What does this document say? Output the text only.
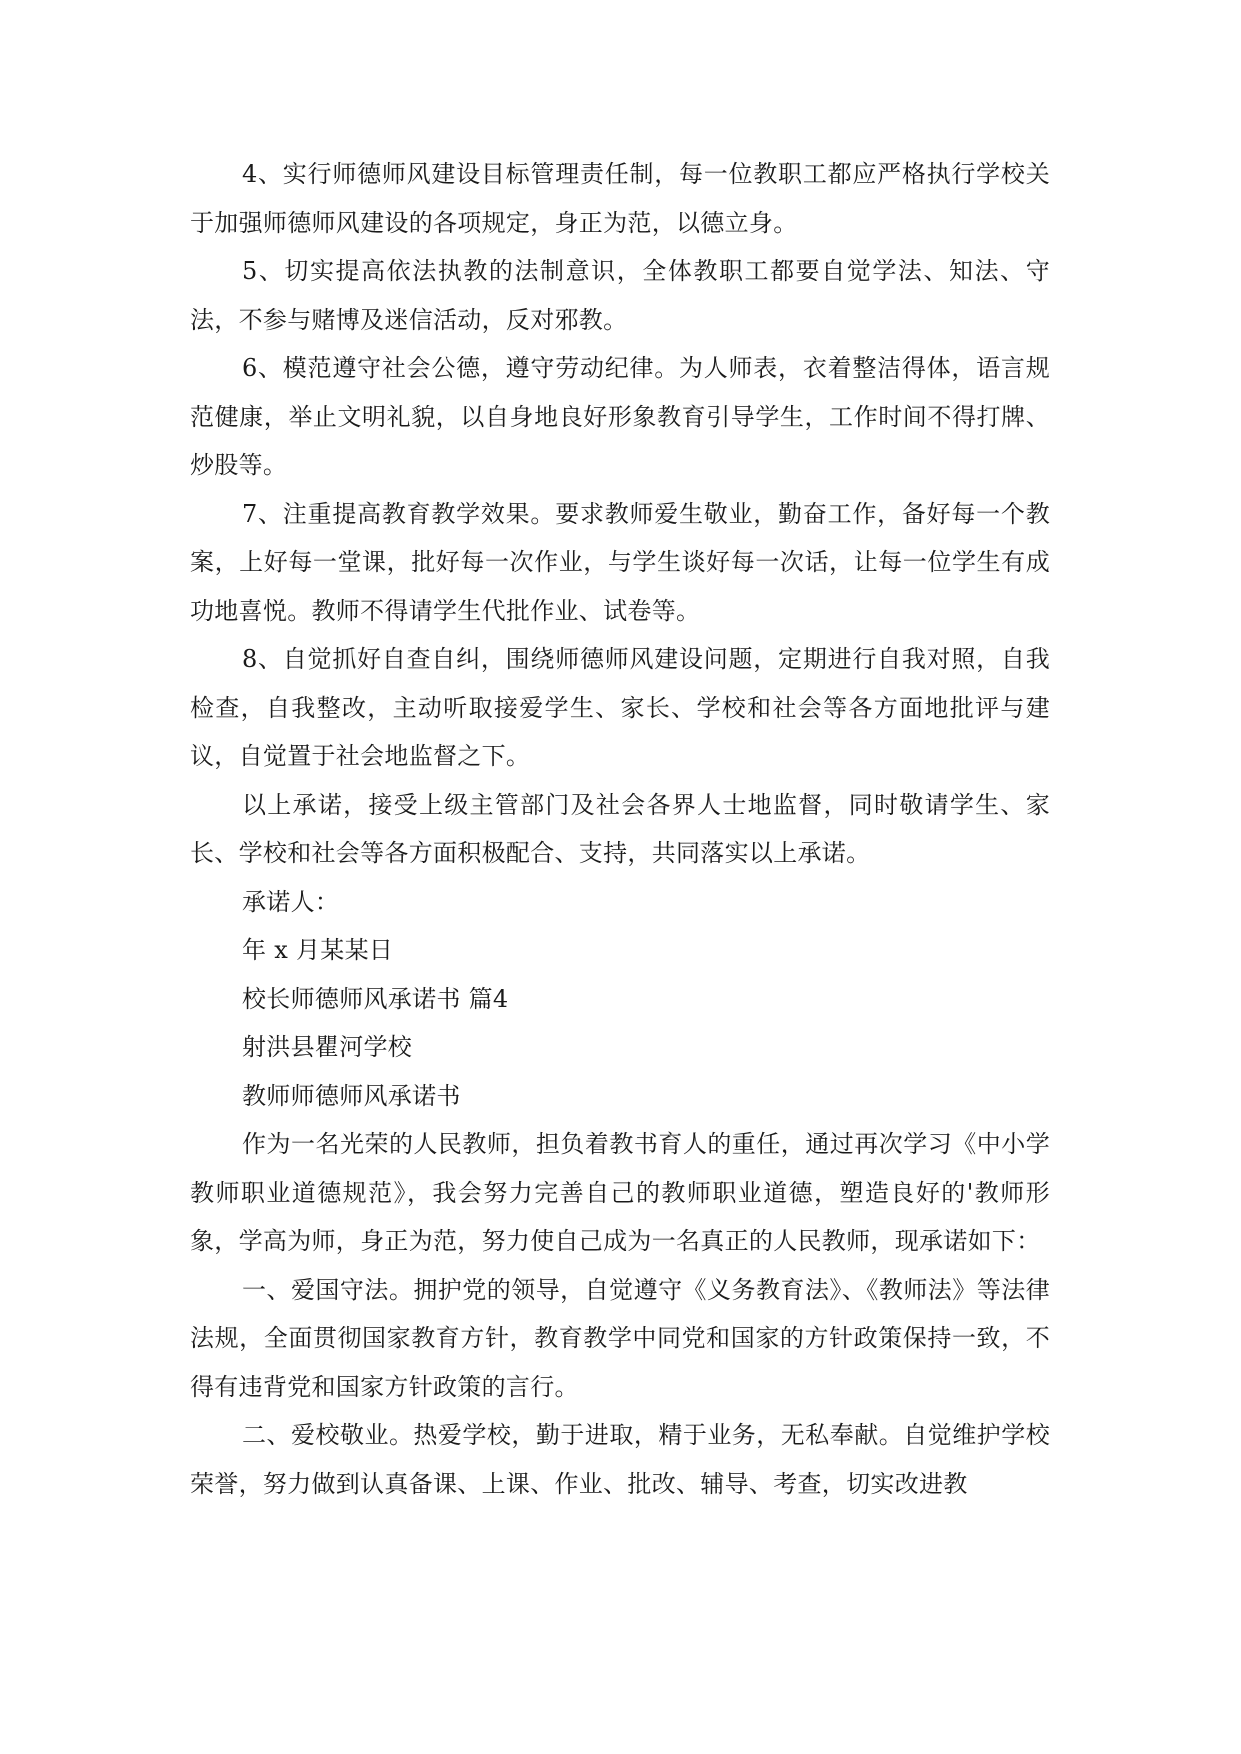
4、实行师德师风建设目标管理责任制，每一位教职工都应严格执行学校关于加强师德师风建设的各项规定，身正为范，以德立身。

5、切实提高依法执教的法制意识，全体教职工都要自觉学法、知法、守法，不参与赌博及迷信活动，反对邪教。

6、模范遵守社会公德，遵守劳动纪律。为人师表，衣着整洁得体，语言规范健康，举止文明礼貌，以自身地良好形象教育引导学生，工作时间不得打牌、炒股等。

7、注重提高教育教学效果。要求教师爱生敬业，勤奋工作，备好每一个教案，上好每一堂课，批好每一次作业，与学生谈好每一次话，让每一位学生有成功地喜悦。教师不得请学生代批作业、试卷等。

8、自觉抓好自查自纠，围绕师德师风建设问题，定期进行自我对照，自我检查，自我整改，主动听取接爱学生、家长、学校和社会等各方面地批评与建议，自觉置于社会地监督之下。

以上承诺，接受上级主管部门及社会各界人士地监督，同时敬请学生、家长、学校和社会等各方面积极配合、支持，共同落实以上承诺。

承诺人：

年 x 月某某日

校长师德师风承诺书 篇4

射洪县瞿河学校

教师师德师风承诺书

作为一名光荣的人民教师，担负着教书育人的重任，通过再次学习《中小学教师职业道德规范》，我会努力完善自己的教师职业道德，塑造良好的'教师形象，学高为师，身正为范，努力使自己成为一名真正的人民教师，现承诺如下：

一、爱国守法。拥护党的领导，自觉遵守《义务教育法》、《教师法》等法律法规，全面贯彻国家教育方针，教育教学中同党和国家的方针政策保持一致，不得有违背党和国家方针政策的言行。

二、爱校敬业。热爱学校，勤于进取，精于业务，无私奉献。自觉维护学校荣誉，努力做到认真备课、上课、作业、批改、辅导、考查，切实改进教
